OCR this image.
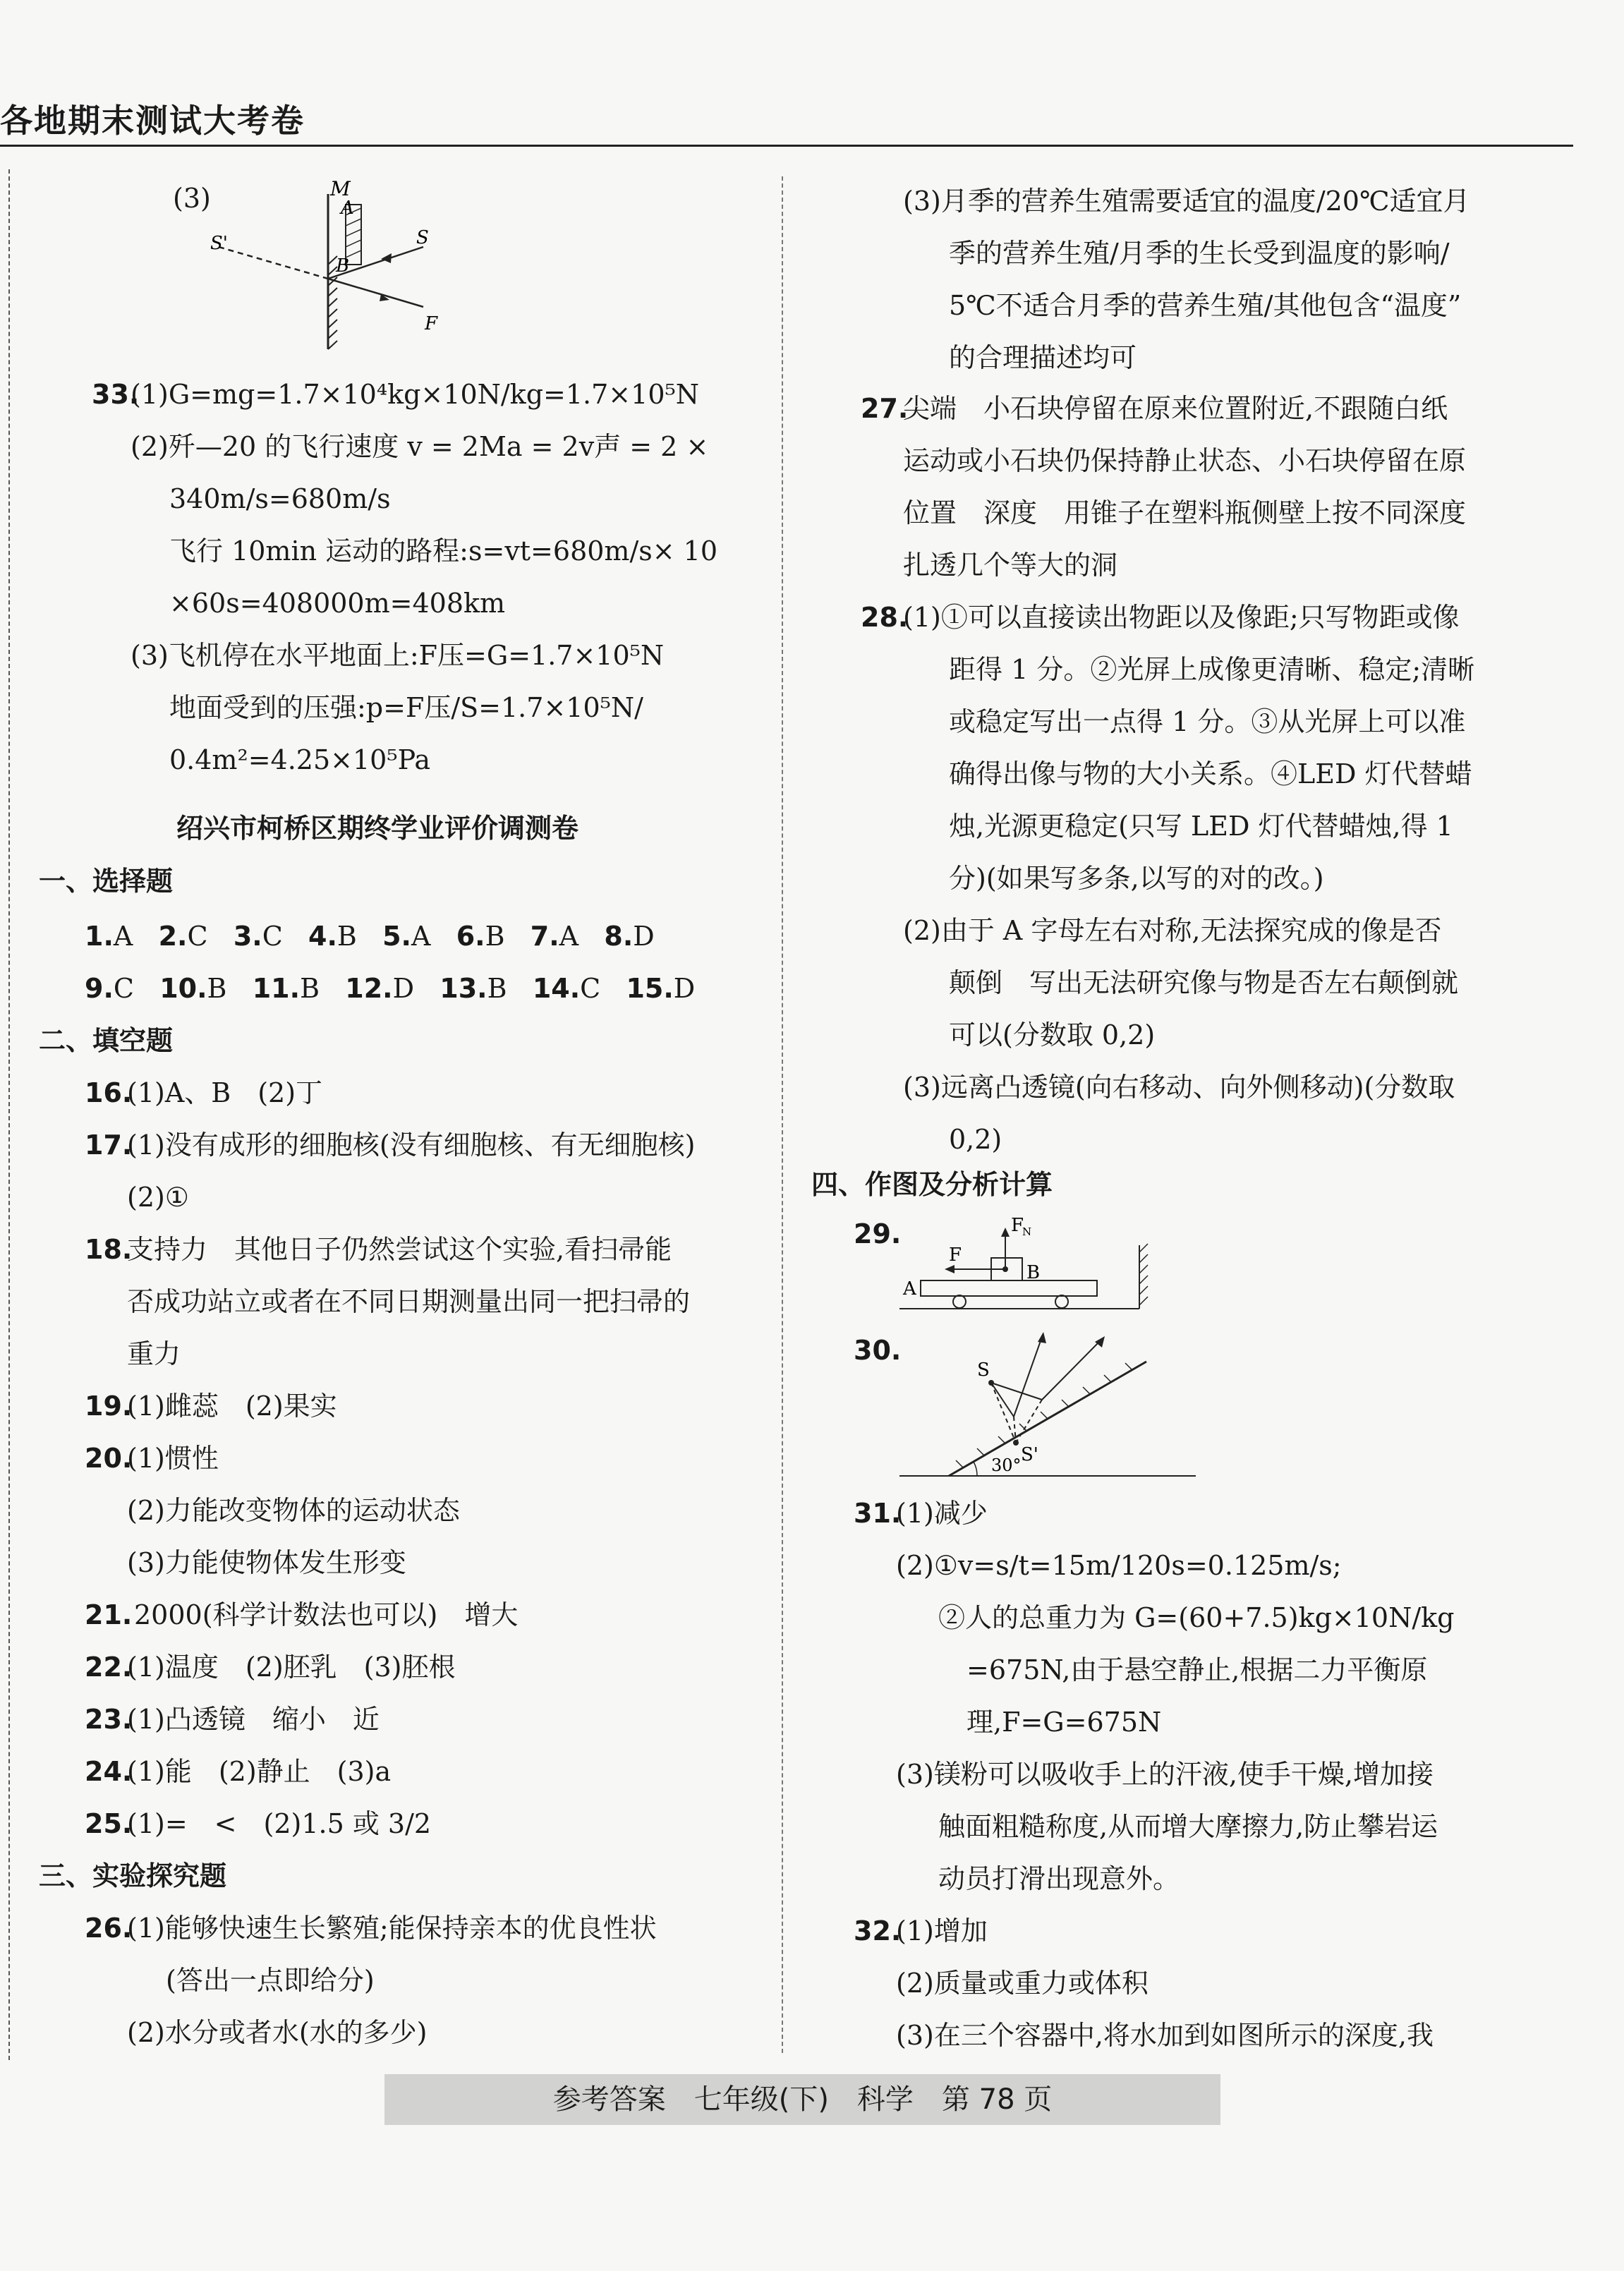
各地期末测试大考卷
(3)	M
A
B
S
S'
F
33.
(1)G=mg=1.7×10⁴kg×10N/kg=1.7×10⁵N
(2)歼—20 的飞行速度 v = 2Ma = 2v声 = 2 ×
340m/s=680m/s
飞行 10min 运动的路程:s=vt=680m/s× 10
×60s=408000m=408km
(3)飞机停在水平地面上:F压=G=1.7×10⁵N
地面受到的压强:p=F压/S=1.7×10⁵N/
0.4m²=4.25×10⁵Pa
绍兴市柯桥区期终学业评价调测卷
一、选择题
1.A 2.C 3.C 4.B 5.A 6.B 7.A 8.D
9.C 10.B 11.B 12.D 13.B 14.C 15.D
二、填空题
16.
(1)A、B　(2)丁
17.
(1)没有成形的细胞核(没有细胞核、有无细胞核)
(2)①
18.
支持力　其他日子仍然尝试这个实验,看扫帚能
否成功站立或者在不同日期测量出同一把扫帚的
重力
19.
(1)雌蕊　(2)果实
20.
(1)惯性
(2)力能改变物体的运动状态
(3)力能使物体发生形变
21. 2000(科学计数法也可以)　增大
22.
(1)温度　(2)胚乳　(3)胚根
23.
(1)凸透镜　缩小　近
24.
(1)能　(2)静止　(3)a
25.
(1)=　<　(2)1.5 或 3/2
三、实验探究题
26.
(1)能够快速生长繁殖;能保持亲本的优良性状
(答出一点即给分)
(2)水分或者水(水的多少)
(3)月季的营养生殖需要适宜的温度/20℃适宜月
季的营养生殖/月季的生长受到温度的影响/
5℃不适合月季的营养生殖/其他包含“温度”
的合理描述均可
27.
尖端　小石块停留在原来位置附近,不跟随白纸
运动或小石块仍保持静止状态、小石块停留在原
位置　深度　用锥子在塑料瓶侧壁上按不同深度
扎透几个等大的洞
28.
(1)①可以直接读出物距以及像距;只写物距或像
距得 1 分。②光屏上成像更清晰、稳定;清晰
或稳定写出一点得 1 分。③从光屏上可以准
确得出像与物的大小关系。④LED 灯代替蜡
烛,光源更稳定(只写 LED 灯代替蜡烛,得 1
分)(如果写多条,以写的对的改。)
(2)由于 A 字母左右对称,无法探究成的像是否
颠倒　写出无法研究像与物是否左右颠倒就
可以(分数取 0,2)
(3)远离凸透镜(向右移动、向外侧移动)(分数取
0,2)
四、作图及分析计算
29.
F
F
N
A
B
30.
30°
S
S'
31.
(1)减少
(2)①v=s/t=15m/120s=0.125m/s;
②人的总重力为 G=(60+7.5)kg×10N/kg
=675N,由于悬空静止,根据二力平衡原
理,F=G=675N
(3)镁粉可以吸收手上的汗液,使手干燥,增加接
触面粗糙称度,从而增大摩擦力,防止攀岩运
动员打滑出现意外。
32.
(1)增加
(2)质量或重力或体积
(3)在三个容器中,将水加到如图所示的深度,我
参考答案　七年级(下)　科学　第 78 页
